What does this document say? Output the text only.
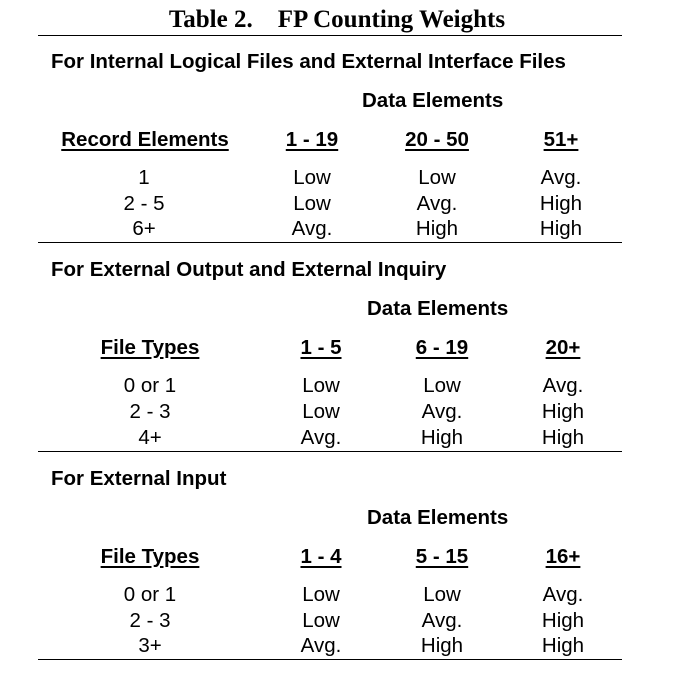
Table 2.    FP Counting Weights
For Internal Logical Files and External Interface Files
Data Elements
Record Elements	1 - 19	20 - 50	51+
1	Low	Low	Avg.
2 - 5	Low	Avg.	High
6+	Avg.	High	High
For External Output and External Inquiry
Data Elements
File Types	1 - 5	6 - 19	20+
0 or 1	Low	Low	Avg.
2 - 3	Low	Avg.	High
4+	Avg.	High	High
For External Input
Data Elements
File Types	1 - 4	5 - 15	16+
0 or 1	Low	Low	Avg.
2 - 3	Low	Avg.	High
3+	Avg.	High	High
